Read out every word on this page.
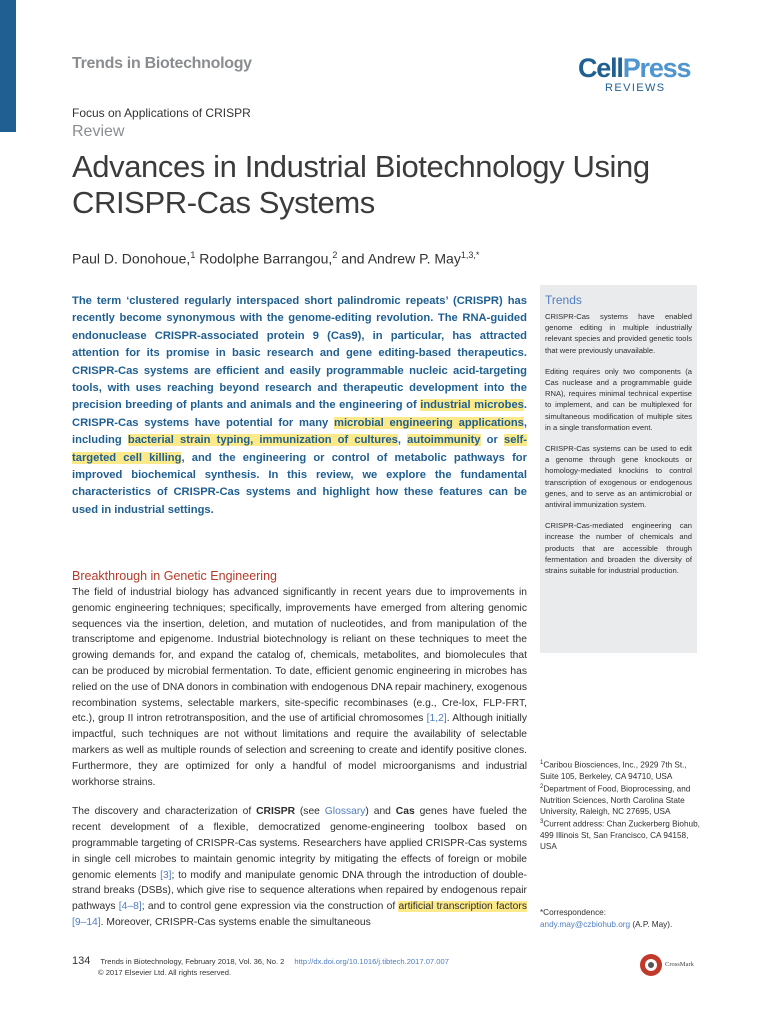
Trends in Biotechnology	CellPress
REVIEWS
Focus on Applications of CRISPR
Review
Advances in Industrial Biotechnology Using CRISPR-Cas Systems
Paul D. Donohoue,$^1$ Rodolphe Barrangou,$^2$ and Andrew P. May$^{1,3,*}$
The term ‘clustered regularly interspaced short palindromic repeats’ (CRISPR) has recently become synonymous with the genome-editing revolution. The RNA-guided endonuclease CRISPR-associated protein 9 (Cas9), in particular, has attracted attention for its promise in basic research and gene editing-based therapeutics. CRISPR-Cas systems are efficient and easily programmable nucleic acid-targeting tools, with uses reaching beyond research and therapeutic development into the precision breeding of plants and animals and the engineering of industrial microbes. CRISPR-Cas systems have potential for many microbial engineering applications, including bacterial strain typing, immunization of cultures, autoimmunity or self-targeted cell killing, and the engineering or control of metabolic pathways for improved biochemical synthesis. In this review, we explore the fundamental characteristics of CRISPR-Cas systems and highlight how these features can be used in industrial settings.
Trends

CRISPR-Cas systems have enabled genome editing in multiple industrially relevant species and provided genetic tools that were previously unavailable.

Editing requires only two components (a Cas nuclease and a programmable guide RNA), requires minimal technical expertise to implement, and can be multiplexed for simultaneous modification of multiple sites in a single transformation event.

CRISPR-Cas systems can be used to edit a genome through gene knockouts or homology-mediated knockins to control transcription of exogenous or endogenous genes, and to serve as an antimicrobial or antiviral immunization system.

CRISPR-Cas-mediated engineering can increase the number of chemicals and products that are accessible through fermentation and broaden the diversity of strains suitable for industrial production.

Breakthrough in Genetic Engineering

The field of industrial biology has advanced significantly in recent years due to improvements in genomic engineering techniques; specifically, improvements have emerged from altering genomic sequences via the insertion, deletion, and mutation of nucleotides, and from manipulation of the transcriptome and epigenome. Industrial biotechnology is reliant on these techniques to meet the growing demands for, and expand the catalog of, chemicals, metabolites, and biomolecules that can be produced by microbial fermentation. To date, efficient genomic engineering in microbes has relied on the use of DNA donors in combination with endogenous DNA repair machinery, exogenous recombination systems, selectable markers, site-specific recombinases (e.g., Cre-lox, FLP-FRT, etc.), group II intron retrotransposition, and the use of artificial chromosomes [1,2]. Although initially impactful, such techniques are not without limitations and require the availability of selectable markers as well as multiple rounds of selection and screening to create and identify positive clones. Furthermore, they are optimized for only a handful of model microorganisms and industrial workhorse strains.

The discovery and characterization of CRISPR (see Glossary) and Cas genes have fueled the recent development of a flexible, democratized genome-engineering toolbox based on programmable targeting of CRISPR-Cas systems. Researchers have applied CRISPR-Cas systems in single cell microbes to maintain genomic integrity by mitigating the effects of foreign or mobile genomic elements [3]; to modify and manipulate genomic DNA through the introduction of double-strand breaks (DSBs), which give rise to sequence alterations when repaired by endogenous repair pathways [4–8]; and to control gene expression via the construction of artificial transcription factors [9–14]. Moreover, CRISPR-Cas systems enable the simultaneous

$^1$Caribou Biosciences, Inc., 2929 7th St., Suite 105, Berkeley, CA 94710, USA

$^2$Department of Food, Bioprocessing, and Nutrition Sciences, North Carolina State University, Raleigh, NC 27695, USA

$^3$Current address: Chan Zuckerberg Biohub, 499 Illinois St, San Francisco, CA 94158, USA

*Correspondence:
andy.may@czbiohub.org (A.P. May).
134 Trends in Biotechnology, February 2018, Vol. 36, No. 2 http://dx.doi.org/10.1016/j.tibtech.2017.07.007
© 2017 Elsevier Ltd. All rights reserved.
CrossMark
